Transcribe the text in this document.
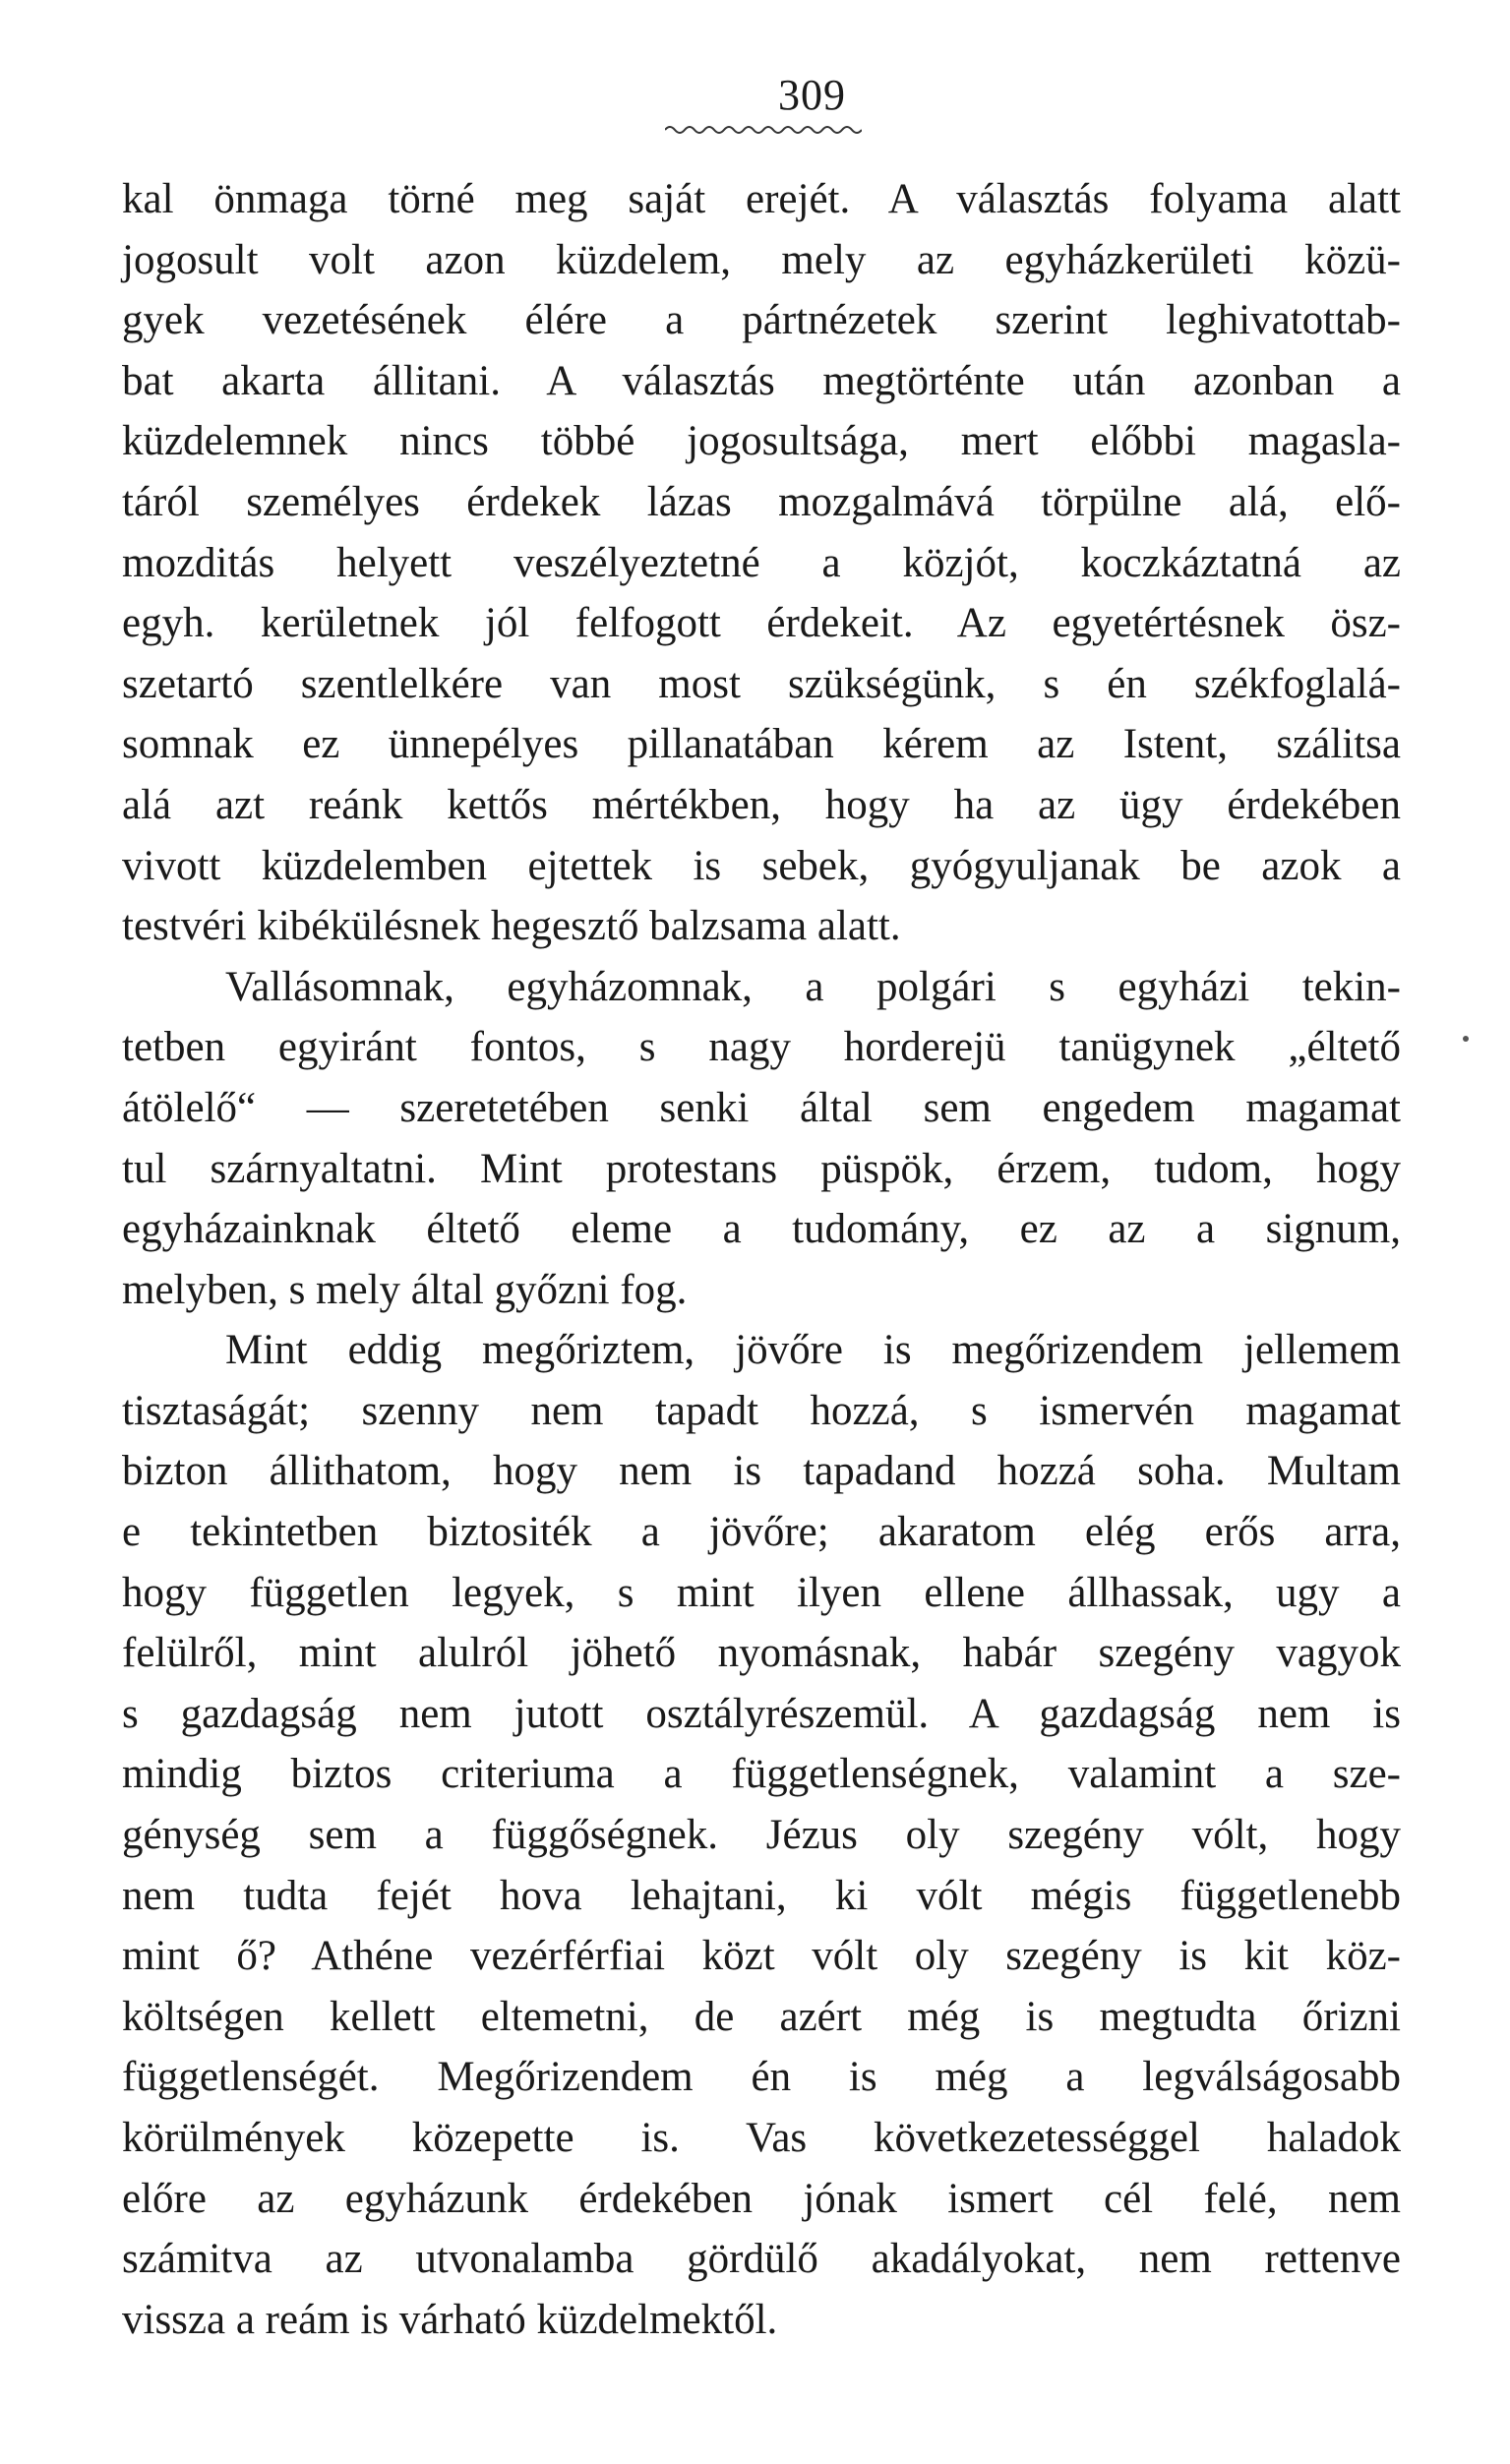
309
kal önmaga törné meg saját erejét. A választás folyama alatt
jogosult volt azon küzdelem, mely az egyházkerületi közü-
gyek vezetésének élére a pártnézetek szerint leghivatottab-
bat akarta állitani. A választás megtörténte után azonban a
küzdelemnek nincs többé jogosultsága, mert előbbi magasla-
táról személyes érdekek lázas mozgalmává törpülne alá, elő-
mozditás helyett veszélyeztetné a közjót, koczkáztatná az
egyh. kerületnek jól felfogott érdekeit. Az egyetértésnek ösz-
szetartó szentlelkére van most szükségünk, s én székfoglalá-
somnak ez ünnepélyes pillanatában kérem az Istent, szálitsa
alá azt reánk kettős mértékben, hogy ha az ügy érdekében
vivott küzdelemben ejtettek is sebek, gyógyuljanak be azok a
testvéri kibékülésnek hegesztő balzsama alatt.
Vallásomnak, egyházomnak, a polgári s egyházi tekin-
tetben egyiránt fontos, s nagy horderejü tanügynek „éltető
átölelő“ — szeretetében senki által sem engedem magamat
tul szárnyaltatni. Mint protestans püspök, érzem, tudom, hogy
egyházainknak éltető eleme a tudomány, ez az a signum,
melyben, s mely által győzni fog.
Mint eddig megőriztem, jövőre is megőrizendem jellemem
tisztaságát; szenny nem tapadt hozzá, s ismervén magamat
bizton állithatom, hogy nem is tapadand hozzá soha. Multam
e tekintetben biztositék a jövőre; akaratom elég erős arra,
hogy független legyek, s mint ilyen ellene állhassak, ugy a
felülről, mint alulról jöhető nyomásnak, habár szegény vagyok
s gazdagság nem jutott osztályrészemül. A gazdagság nem is
mindig biztos criteriuma a függetlenségnek, valamint a sze-
génység sem a függőségnek. Jézus oly szegény vólt, hogy
nem tudta fejét hova lehajtani, ki vólt mégis függetlenebb
mint ő? Athéne vezérférfiai közt vólt oly szegény is kit köz-
költségen kellett eltemetni, de azért még is megtudta őrizni
függetlenségét. Megőrizendem én is még a legválságosabb
körülmények közepette is. Vas következetességgel haladok
előre az egyházunk érdekében jónak ismert cél felé, nem
számitva az utvonalamba gördülő akadályokat, nem rettenve
vissza a reám is várható küzdelmektől.
